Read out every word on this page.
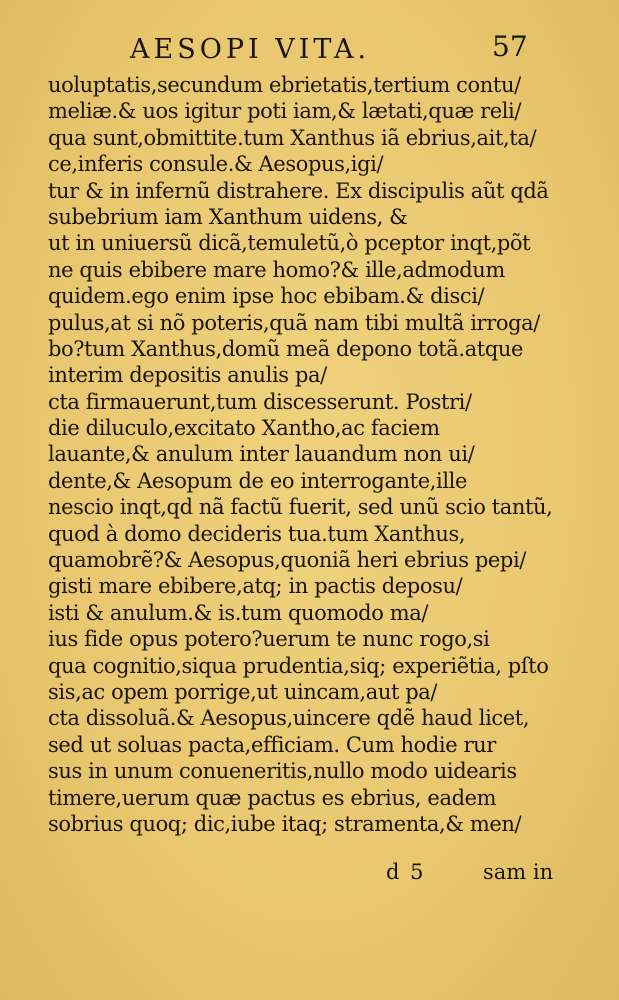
AESOPI VITA.	57
uoluptatis,secundum ebrietatis,tertium contu/
meliæ.& uos igitur poti iam,& lætati,quæ reli/
qua sunt,obmittite.tum Xanthus iã ebrius,ait,ta/
ce,inferis consule.& Aesopus,igi/
tur & in infernũ distrahere. Ex discipulis aũt qdã
subebrium iam Xanthum uidens, &
ut in uniuersũ dicã,temuletũ,ò pceptor inqt,põt
ne quis ebibere mare homo?& ille,admodum
quidem.ego enim ipse hoc ebibam.& disci/
pulus,at si nõ poteris,quã nam tibi multã irroga/
bo?tum Xanthus,domũ meã depono totã.atque
interim depositis anulis pa/
cta firmauerunt,tum discesserunt. Postri/
die diluculo,excitato Xantho,ac faciem
lauante,& anulum inter lauandum non ui/
dente,& Aesopum de eo interrogante,ille
nescio inqt,qd nã factũ fuerit, sed unũ scio tantũ,
quod à domo decideris tua.tum Xanthus,
quamobrẽ?& Aesopus,quoniã heri ebrius pepi/
gisti mare ebibere,atq; in pactis deposu/
isti & anulum.& is.tum quomodo ma/
ius fide opus potero?uerum te nunc rogo,si
qua cognitio,siqua prudentia,siq; experiẽtia, pſto
sis,ac opem porrige,ut uincam,aut pa/
cta dissoluã.& Aesopus,uincere qdẽ haud licet,
sed ut soluas pacta,efficiam. Cum hodie rur
sus in unum conueneritis,nullo modo uidearis
timere,uerum quæ pactus es ebrius, eadem
sobrius quoq; dic,iube itaq; stramenta,& men/
d 5	sam in
